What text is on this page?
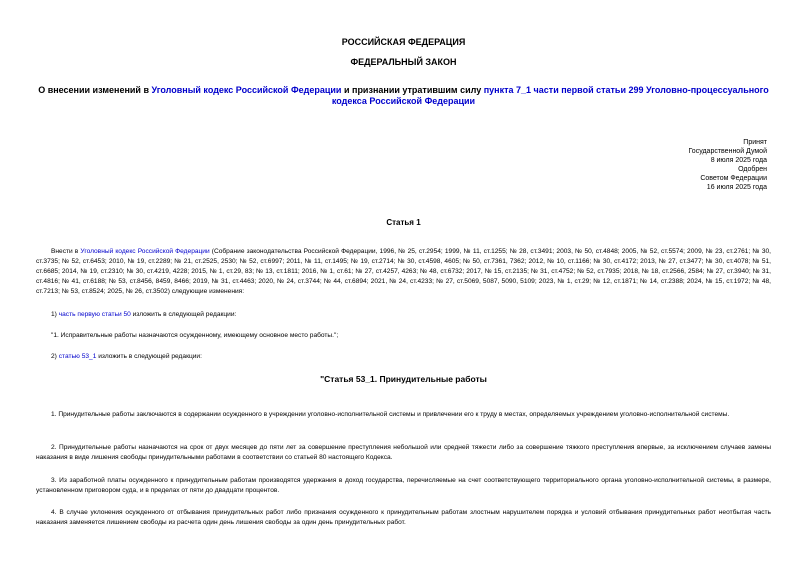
РОССИЙСКАЯ ФЕДЕРАЦИЯ
ФЕДЕРАЛЬНЫЙ ЗАКОН
О внесении изменений в Уголовный кодекс Российской Федерации и признании утратившим силу пункта 7_1 части первой статьи 299 Уголовно-процессуального кодекса Российской Федерации
Принят
Государственной Думой
8 июля 2025 года
Одобрен
Советом Федерации
16 июля 2025 года
Статья 1

Внести в Уголовный кодекс Российской Федерации (Собрание законодательства Российской Федерации, 1996, № 25, ст.2954; 1999, № 11, ст.1255; № 28, ст.3491; 2003, № 50, ст.4848; 2005, № 52, ст.5574; 2009, № 23, ст.2761; № 30, ст.3735; № 52, ст.6453; 2010, № 19, ст.2289; № 21, ст.2525, 2530; № 52, ст.6997; 2011, № 11, ст.1495; № 19, ст.2714; № 30, ст.4598, 4605; № 50, ст.7361, 7362; 2012, № 10, ст.1166; № 30, ст.4172; 2013, № 27, ст.3477; № 30, ст.4078; № 51, ст.6685; 2014, № 19, ст.2310; № 30, ст.4219, 4228; 2015, № 1, ст.29, 83; № 13, ст.1811; 2016, № 1, ст.61; № 27, ст.4257, 4263; № 48, ст.6732; 2017, № 15, ст.2135; № 31, ст.4752; № 52, ст.7935; 2018, № 18, ст.2566, 2584; № 27, ст.3940; № 31, ст.4816; № 41, ст.6188; № 53, ст.8456, 8459, 8466; 2019, № 31, ст.4463; 2020, № 24, ст.3744; № 44, ст.6894; 2021, № 24, ст.4233; № 27, ст.5069, 5087, 5090, 5109; 2023, № 1, ст.29; № 12, ст.1871; № 14, ст.2388; 2024, № 15, ст.1972; № 48, ст.7213; № 53, ст.8524; 2025, № 26, ст.3502) следующие изменения:

1) часть первую статьи 50 изложить в следующей редакции:

"1. Исправительные работы назначаются осужденному, имеющему основное место работы.";

2) статью 53_1 изложить в следующей редакции:

"Статья 53_1. Принудительные работы

1. Принудительные работы заключаются в содержании осужденного в учреждении уголовно-исполнительной системы и привлечении его к труду в местах, определяемых учреждением уголовно-исполнительной системы.

2. Принудительные работы назначаются на срок от двух месяцев до пяти лет за совершение преступления небольшой или средней тяжести либо за совершение тяжкого преступления впервые, за исключением случаев замены наказания в виде лишения свободы принудительными работами в соответствии со статьей 80 настоящего Кодекса.

3. Из заработной платы осужденного к принудительным работам производятся удержания в доход государства, перечисляемые на счет соответствующего территориального органа уголовно-исполнительной системы, в размере, установленном приговором суда, и в пределах от пяти до двадцати процентов.

4. В случае уклонения осужденного от отбывания принудительных работ либо признания осужденного к принудительным работам злостным нарушителем порядка и условий отбывания принудительных работ неотбытая часть наказания заменяется лишением свободы из расчета один день лишения свободы за один день принудительных работ.
